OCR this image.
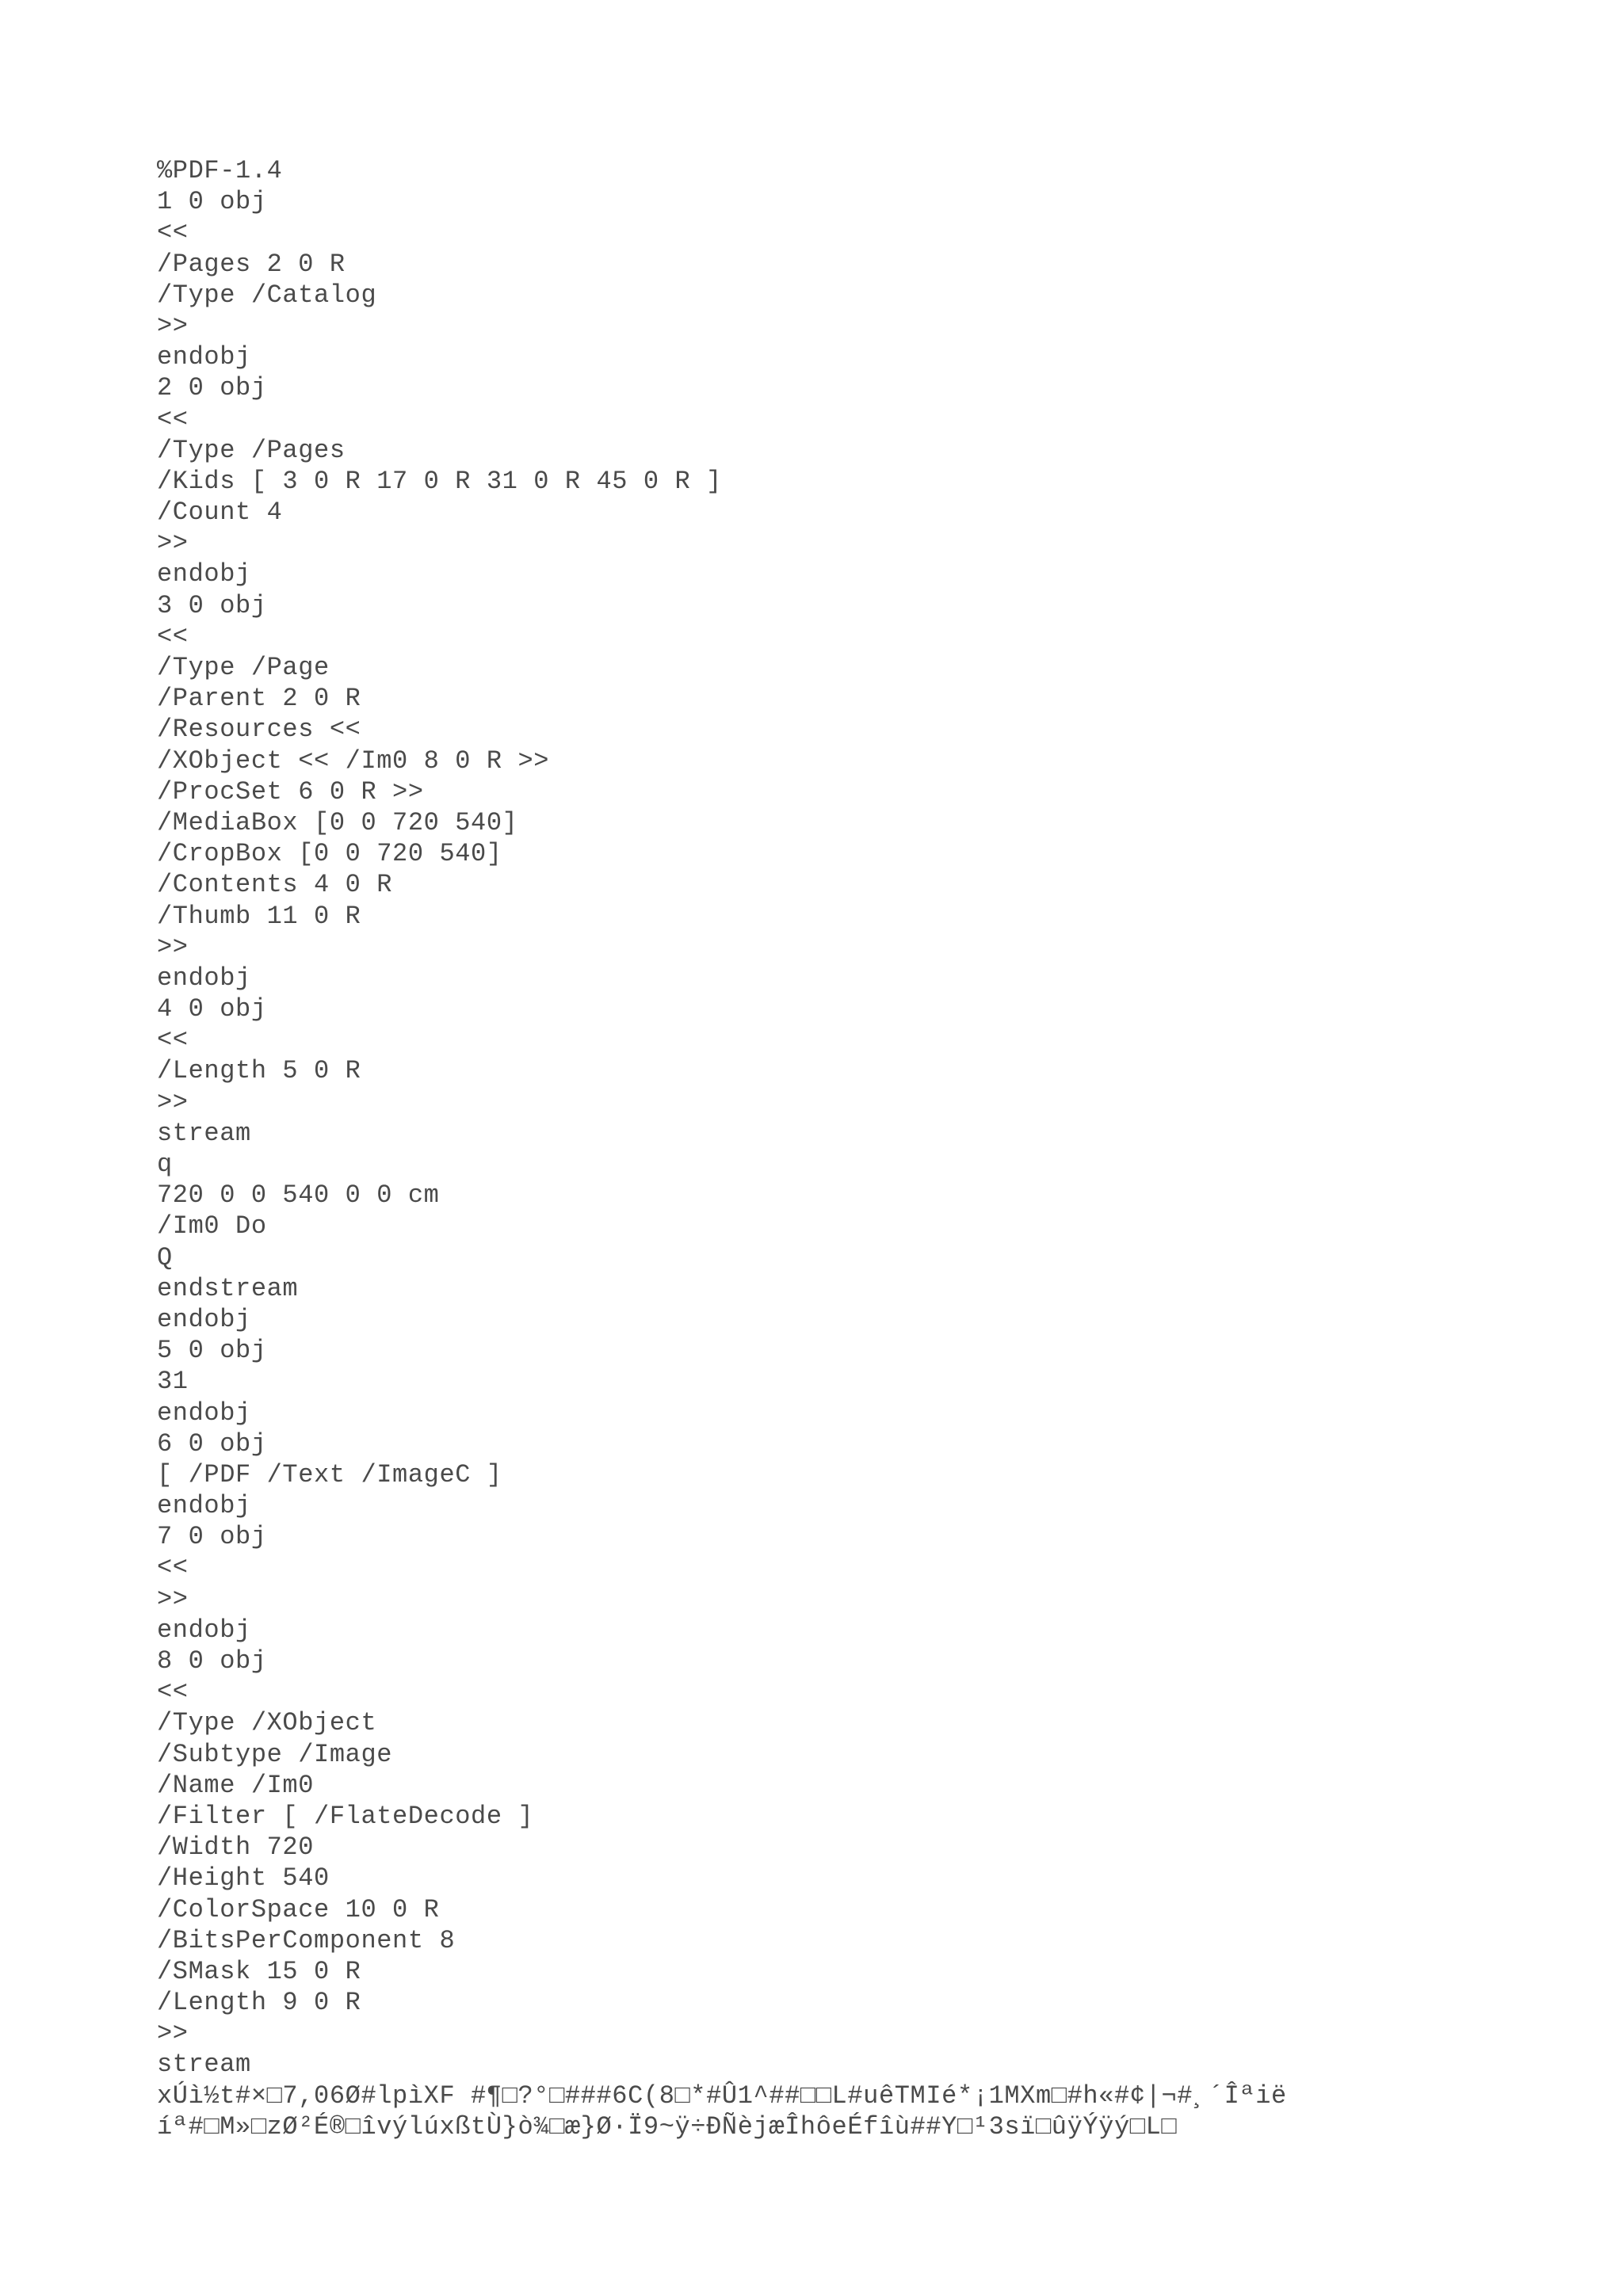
%PDF-1.4
1 0 obj
<<
/Pages 2 0 R
/Type /Catalog
>>
endobj
2 0 obj
<<
/Type /Pages
/Kids [ 3 0 R 17 0 R 31 0 R 45 0 R ]
/Count 4
>>
endobj
3 0 obj
<<
/Type /Page
/Parent 2 0 R
/Resources <<
/XObject << /Im0 8 0 R >>
/ProcSet 6 0 R >>
/MediaBox [0 0 720 540]
/CropBox [0 0 720 540]
/Contents 4 0 R
/Thumb 11 0 R
>>
endobj
4 0 obj
<<
/Length 5 0 R
>>
stream
q
720 0 0 540 0 0 cm
/Im0 Do
Q
endstream
endobj
5 0 obj
31
endobj
6 0 obj
[ /PDF /Text /ImageC ]
endobj
7 0 obj
<<
>>
endobj
8 0 obj
<<
/Type /XObject
/Subtype /Image
/Name /Im0
/Filter [ /FlateDecode ]
/Width 720
/Height 540
/ColorSpace 10 0 R
/BitsPerComponent 8
/SMask 15 0 R
/Length 9 0 R
>>
stream
xÚì½t#×□7,06Ø#lpìXF #¶□?°□###6C(8□*#Û1^##□□L#uêTMIé*¡1MXm□#h«#¢|¬#¸´Îªië
íª#□M»□zØ²É®□îvýlúxßtÙ}ò¾□æ}Ø·Ï9~ÿ÷ÐÑèjæÎhôeÉfîù##Y□¹3sï□ûÿÝÿý□L□
